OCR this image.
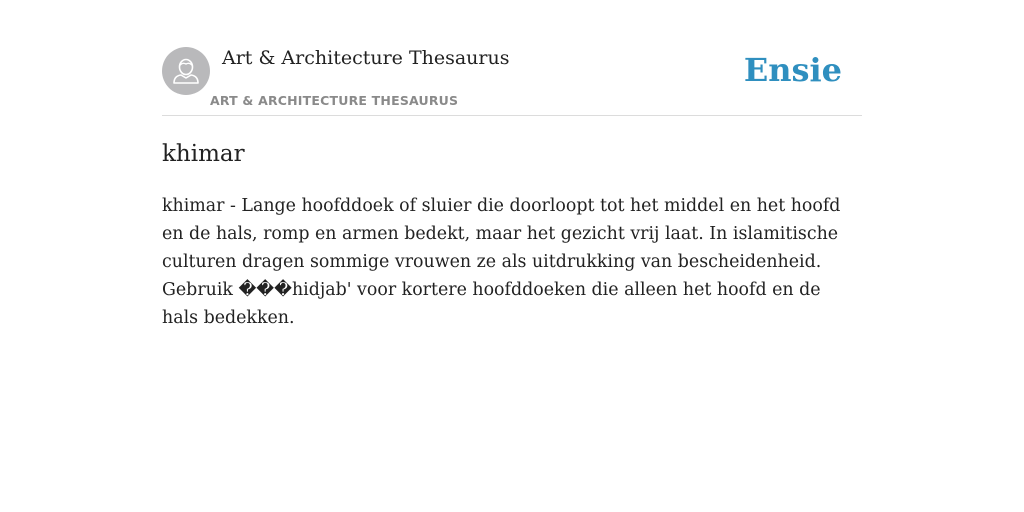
Art & Architecture Thesaurus
ART & ARCHITECTURE THESAURUS
Ensie
khimar

khimar - Lange hoofddoek of sluier die doorloopt tot het middel en het hoofd en de hals, romp en armen bedekt, maar het gezicht vrij laat. In islamitische culturen dragen sommige vrouwen ze als uitdrukking van bescheidenheid. Gebruik ���hidjab' voor kortere hoofddoeken die alleen het hoofd en de hals bedekken.
